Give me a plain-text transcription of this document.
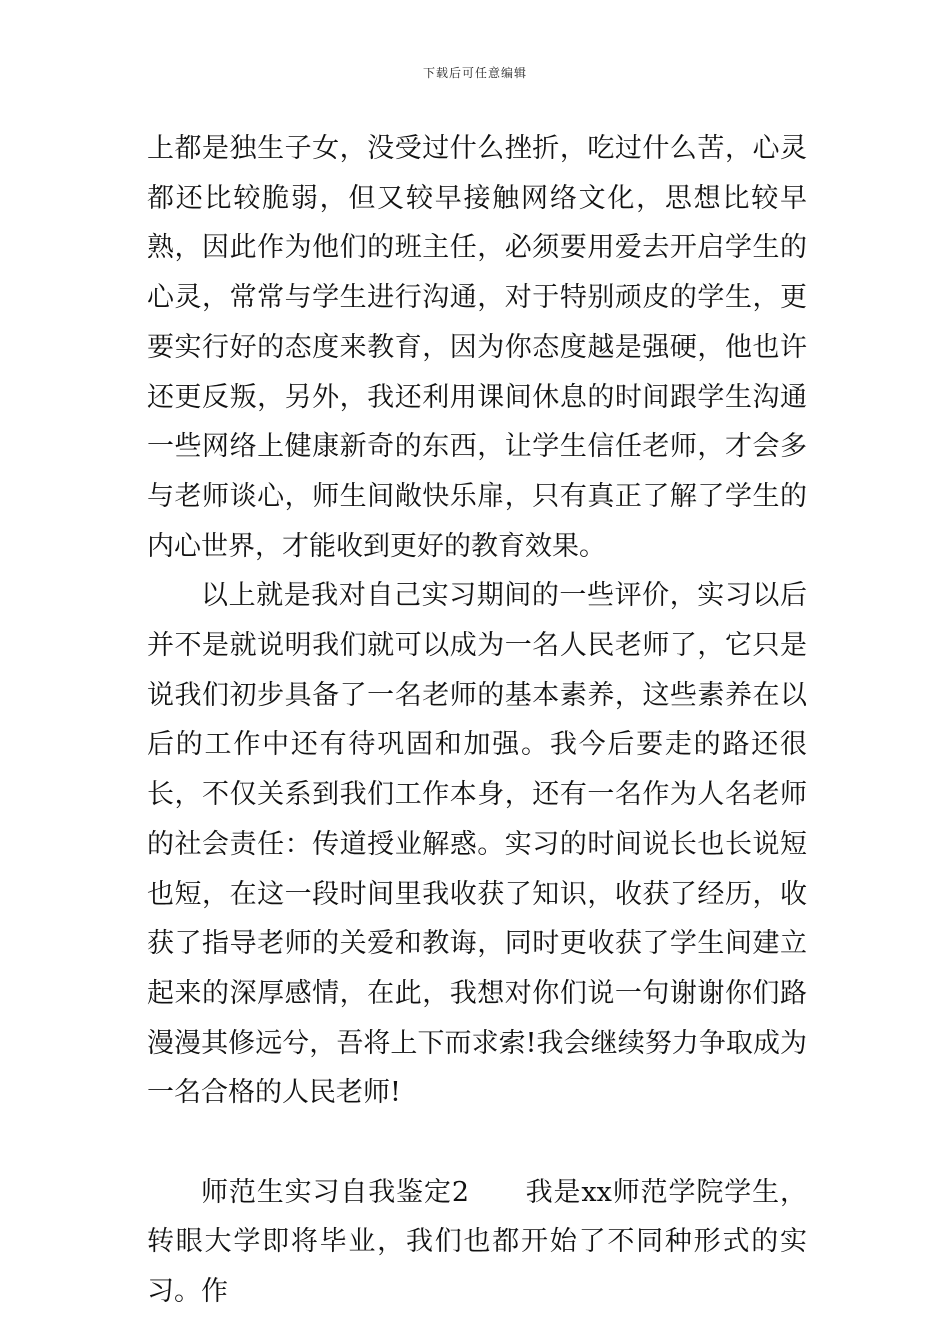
下载后可任意编辑

上都是独生子女，没受过什么挫折，吃过什么苦，心灵都还比较脆弱，但又较早接触网络文化，思想比较早熟，因此作为他们的班主任，必须要用爱去开启学生的心灵，常常与学生进行沟通，对于特别顽皮的学生，更要实行好的态度来教育，因为你态度越是强硬，他也许还更反叛，另外，我还利用课间休息的时间跟学生沟通一些网络上健康新奇的东西，让学生信任老师，才会多与老师谈心，师生间敞快乐扉，只有真正了解了学生的内心世界，才能收到更好的教育效果。

以上就是我对自己实习期间的一些评价，实习以后并不是就说明我们就可以成为一名人民老师了，它只是说我们初步具备了一名老师的基本素养，这些素养在以后的工作中还有待巩固和加强。我今后要走的路还很长，不仅关系到我们工作本身，还有一名作为人名老师的社会责任：传道授业解惑。实习的时间说长也长说短也短，在这一段时间里我收获了知识，收获了经历，收获了指导老师的关爱和教诲，同时更收获了学生间建立起来的深厚感情，在此，我想对你们说一句谢谢你们路漫漫其修远兮，吾将上下而求索!我会继续努力争取成为一名合格的人民老师!

师范生实习自我鉴定2　　我是xx师范学院学生，转眼大学即将毕业，我们也都开始了不同种形式的实习。作
